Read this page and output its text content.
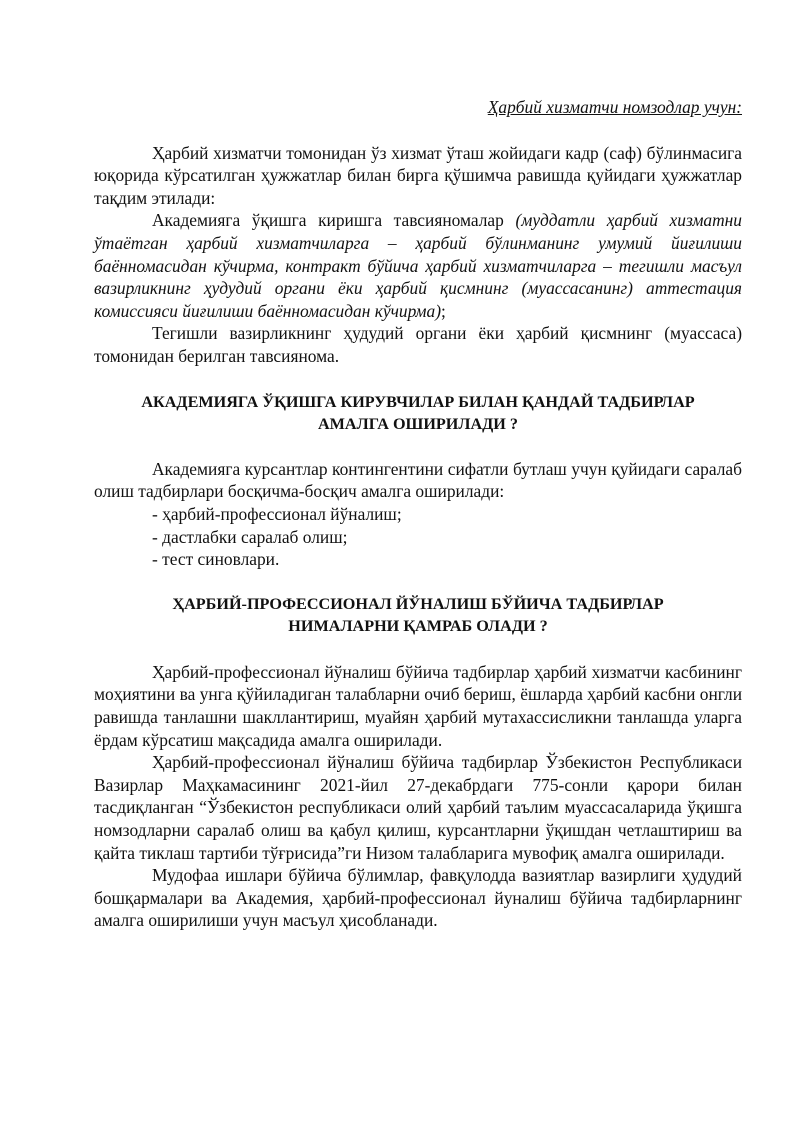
Ҳарбий хизматчи номзодлар учун:

Ҳарбий хизматчи томонидан ўз хизмат ўташ жойидаги кадр (саф) бўлинмасига юқорида кўрсатилган ҳужжатлар билан бирга қўшимча равишда қуйидаги ҳужжатлар тақдим этилади:

Академияга ўқишга киришга тавсияномалар (муддатли ҳарбий хизматни ўтаётган ҳарбий хизматчиларга – ҳарбий бўлинманинг умумий йиғилиши баённомасидан кўчирма, контракт бўйича ҳарбий хизматчиларга – тегишли масъул вазирликнинг ҳудудий органи ёки ҳарбий қисмнинг (муассасанинг) аттестация комиссияси йиғилиши баённомасидан кўчирма);

Тегишли вазирликнинг ҳудудий органи ёки ҳарбий қисмнинг (муассаса) томонидан берилган тавсиянома.

АКАДЕМИЯГА ЎҚИШГА КИРУВЧИЛАР БИЛАН ҚАНДАЙ ТАДБИРЛАР

АМАЛГА ОШИРИЛАДИ ?

Академияга курсантлар контингентини сифатли бутлаш учун қуйидаги саралаб олиш тадбирлари босқичма-босқич амалга оширилади:

- ҳарбий-профессионал йўналиш;

- дастлабки саралаб олиш;

- тест синовлари.

ҲАРБИЙ-ПРОФЕССИОНАЛ ЙЎНАЛИШ БЎЙИЧА ТАДБИРЛАР

НИМАЛАРНИ ҚАМРАБ ОЛАДИ ?

Ҳарбий-профессионал йўналиш бўйича тадбирлар ҳарбий хизматчи касбининг моҳиятини ва унга қўйиладиган талабларни очиб бериш, ёшларда ҳарбий касбни онгли равишда танлашни шакллантириш, муайян ҳарбий мутахассисликни танлашда уларга ёрдам кўрсатиш мақсадида амалга оширилади.

Ҳарбий-профессионал йўналиш бўйича тадбирлар Ўзбекистон Республикаси Вазирлар Маҳкамасининг 2021-йил 27-декабрдаги 775-сонли қарори билан тасдиқланган “Ўзбекистон республикаси олий ҳарбий таълим муассасаларида ўқишга номзодларни саралаб олиш ва қабул қилиш, курсантларни ўқишдан четлаштириш ва қайта тиклаш тартиби тўғрисида”ги Низом талабларига мувофиқ амалга оширилади.

Мудофаа ишлари бўйича бўлимлар, фавқулодда вазиятлар вазирлиги ҳудудий бошқармалари ва Академия, ҳарбий-профессионал йуналиш бўйича тадбирларнинг амалга оширилиши учун масъул ҳисобланади.
